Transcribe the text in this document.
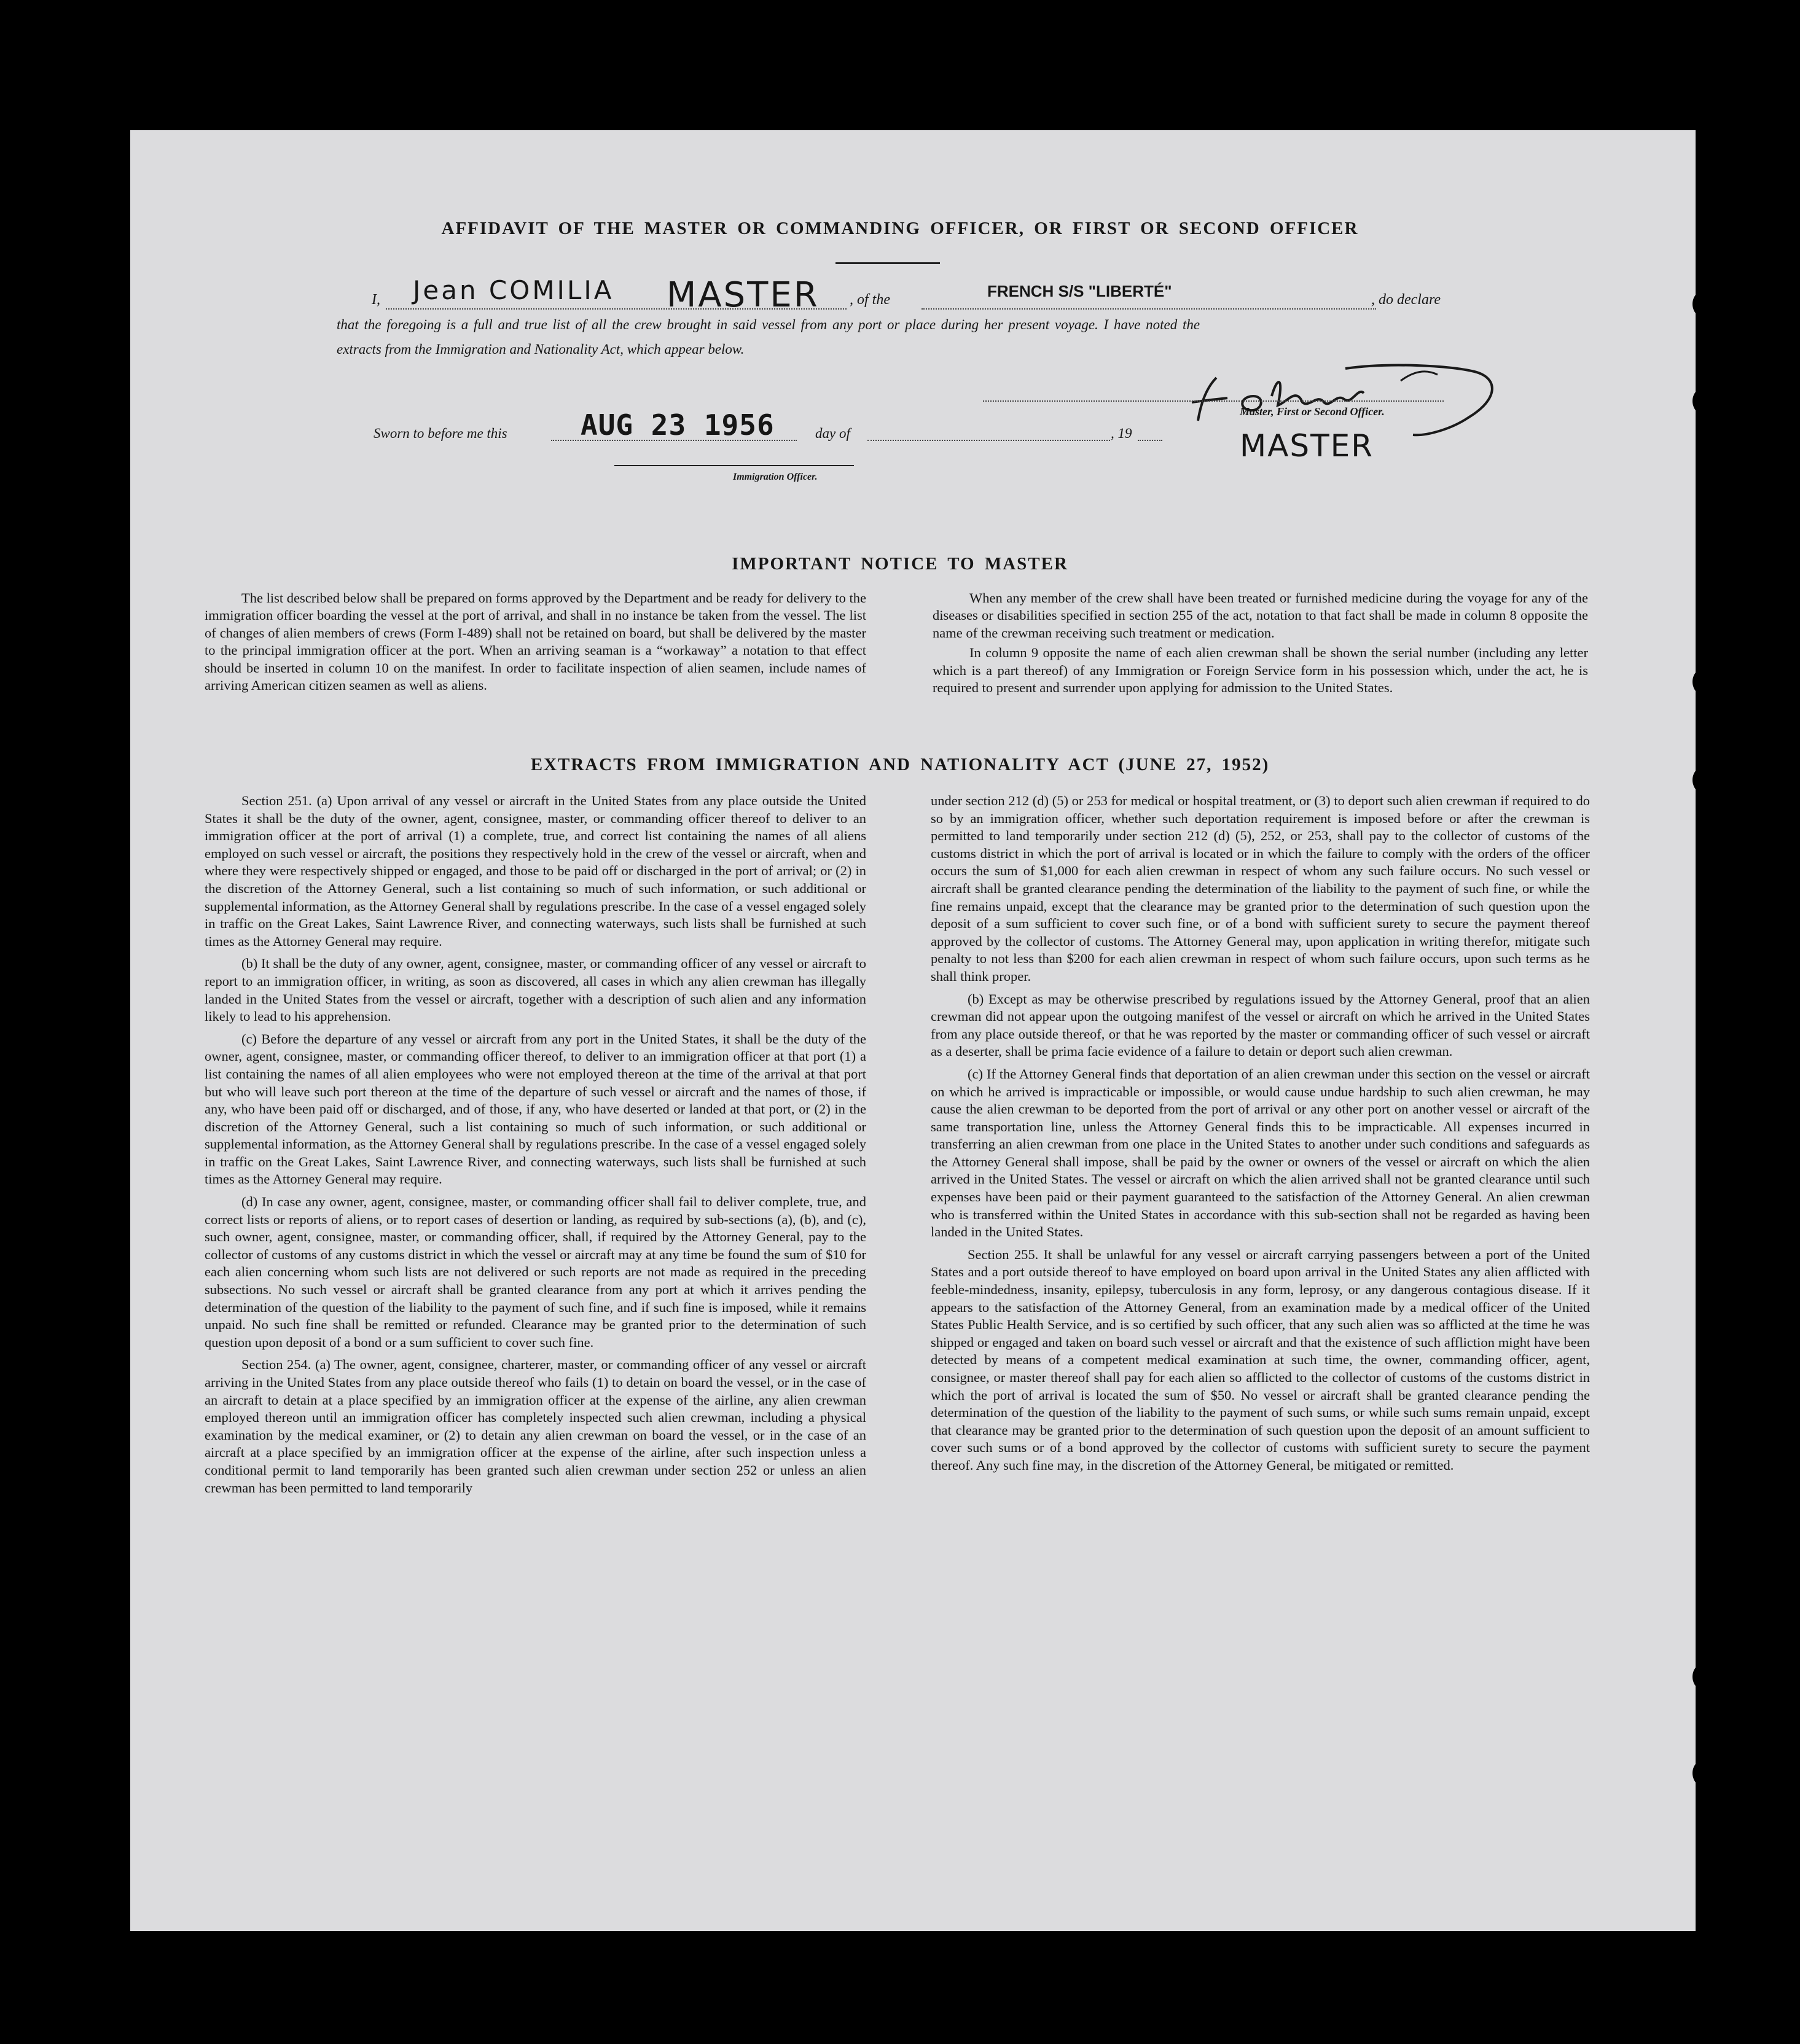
AFFIDAVIT OF THE MASTER OR COMMANDING OFFICER, OR FIRST OR SECOND OFFICER
I, Jean COMILIA MASTER , of the	FRENCH S/S "LIBERTÉ"	, do declare
that the foregoing is a full and true list of all the crew brought in said vessel from any port or place during her present voyage. I have noted the
extracts from the Immigration and Nationality Act, which appear below.
Master, First or Second Officer.
MASTER
Sworn to before me this	AUG 23 1956	day of	, 19
Immigration Officer.
IMPORTANT NOTICE TO MASTER

The list described below shall be prepared on forms approved by the Department and be ready for delivery to the immigration officer boarding the vessel at the port of arrival, and shall in no instance be taken from the vessel. The list of changes of alien members of crews (Form I-489) shall not be retained on board, but shall be delivered by the master to the principal immigration officer at the port. When an arriving seaman is a “workaway” a notation to that effect should be inserted in column 10 on the manifest. In order to facilitate inspection of alien seamen, include names of arriving American citizen seamen as well as aliens.

When any member of the crew shall have been treated or furnished medicine during the voyage for any of the diseases or disabilities specified in section 255 of the act, notation to that fact shall be made in column 8 opposite the name of the crewman receiving such treatment or medication.

In column 9 opposite the name of each alien crewman shall be shown the serial number (including any letter which is a part thereof) of any Immigration or Foreign Service form in his possession which, under the act, he is required to present and surrender upon applying for admission to the United States.

EXTRACTS FROM IMMIGRATION AND NATIONALITY ACT (JUNE 27, 1952)

Section 251. (a) Upon arrival of any vessel or aircraft in the United States from any place outside the United States it shall be the duty of the owner, agent, consignee, master, or commanding officer thereof to deliver to an immigration officer at the port of arrival (1) a complete, true, and correct list containing the names of all aliens employed on such vessel or aircraft, the positions they respectively hold in the crew of the vessel or aircraft, when and where they were respectively shipped or engaged, and those to be paid off or discharged in the port of arrival; or (2) in the discretion of the Attorney General, such a list containing so much of such information, or such additional or supplemental information, as the Attorney General shall by regulations prescribe. In the case of a vessel engaged solely in traffic on the Great Lakes, Saint Lawrence River, and connecting waterways, such lists shall be furnished at such times as the Attorney General may require.

(b) It shall be the duty of any owner, agent, consignee, master, or commanding officer of any vessel or aircraft to report to an immigration officer, in writing, as soon as discovered, all cases in which any alien crewman has illegally landed in the United States from the vessel or aircraft, together with a description of such alien and any information likely to lead to his apprehension.

(c) Before the departure of any vessel or aircraft from any port in the United States, it shall be the duty of the owner, agent, consignee, master, or commanding officer thereof, to deliver to an immigration officer at that port (1) a list containing the names of all alien employees who were not employed thereon at the time of the arrival at that port but who will leave such port thereon at the time of the departure of such vessel or aircraft and the names of those, if any, who have been paid off or discharged, and of those, if any, who have deserted or landed at that port, or (2) in the discretion of the Attorney General, such a list containing so much of such information, or such additional or supplemental information, as the Attorney General shall by regulations prescribe. In the case of a vessel engaged solely in traffic on the Great Lakes, Saint Lawrence River, and connecting waterways, such lists shall be furnished at such times as the Attorney General may require.

(d) In case any owner, agent, consignee, master, or commanding officer shall fail to deliver complete, true, and correct lists or reports of aliens, or to report cases of desertion or landing, as required by sub-sections (a), (b), and (c), such owner, agent, consignee, master, or commanding officer, shall, if required by the Attorney General, pay to the collector of customs of any customs district in which the vessel or aircraft may at any time be found the sum of $10 for each alien concerning whom such lists are not delivered or such reports are not made as required in the preceding subsections. No such vessel or aircraft shall be granted clearance from any port at which it arrives pending the determination of the question of the liability to the payment of such fine, and if such fine is imposed, while it remains unpaid. No such fine shall be remitted or refunded. Clearance may be granted prior to the determination of such question upon deposit of a bond or a sum sufficient to cover such fine.

Section 254. (a) The owner, agent, consignee, charterer, master, or commanding officer of any vessel or aircraft arriving in the United States from any place outside thereof who fails (1) to detain on board the vessel, or in the case of an aircraft to detain at a place specified by an immigration officer at the expense of the airline, any alien crewman employed thereon until an immigration officer has completely inspected such alien crewman, including a physical examination by the medical examiner, or (2) to detain any alien crewman on board the vessel, or in the case of an aircraft at a place specified by an immigration officer at the expense of the airline, after such inspection unless a conditional permit to land temporarily has been granted such alien crewman under section 252 or unless an alien crewman has been permitted to land temporarily

under section 212 (d) (5) or 253 for medical or hospital treatment, or (3) to deport such alien crewman if required to do so by an immigration officer, whether such deportation requirement is imposed before or after the crewman is permitted to land temporarily under section 212 (d) (5), 252, or 253, shall pay to the collector of customs of the customs district in which the port of arrival is located or in which the failure to comply with the orders of the officer occurs the sum of $1,000 for each alien crewman in respect of whom any such failure occurs. No such vessel or aircraft shall be granted clearance pending the determination of the liability to the payment of such fine, or while the fine remains unpaid, except that the clearance may be granted prior to the determination of such question upon the deposit of a sum sufficient to cover such fine, or of a bond with sufficient surety to secure the payment thereof approved by the collector of customs. The Attorney General may, upon application in writing therefor, mitigate such penalty to not less than $200 for each alien crewman in respect of whom such failure occurs, upon such terms as he shall think proper.

(b) Except as may be otherwise prescribed by regulations issued by the Attorney General, proof that an alien crewman did not appear upon the outgoing manifest of the vessel or aircraft on which he arrived in the United States from any place outside thereof, or that he was reported by the master or commanding officer of such vessel or aircraft as a deserter, shall be prima facie evidence of a failure to detain or deport such alien crewman.

(c) If the Attorney General finds that deportation of an alien crewman under this section on the vessel or aircraft on which he arrived is impracticable or impossible, or would cause undue hardship to such alien crewman, he may cause the alien crewman to be deported from the port of arrival or any other port on another vessel or aircraft of the same transportation line, unless the Attorney General finds this to be impracticable. All expenses incurred in transferring an alien crewman from one place in the United States to another under such conditions and safeguards as the Attorney General shall impose, shall be paid by the owner or owners of the vessel or aircraft on which the alien arrived in the United States. The vessel or aircraft on which the alien arrived shall not be granted clearance until such expenses have been paid or their payment guaranteed to the satisfaction of the Attorney General. An alien crewman who is transferred within the United States in accordance with this sub-section shall not be regarded as having been landed in the United States.

Section 255. It shall be unlawful for any vessel or aircraft carrying passengers between a port of the United States and a port outside thereof to have employed on board upon arrival in the United States any alien afflicted with feeble-mindedness, insanity, epilepsy, tuberculosis in any form, leprosy, or any dangerous contagious disease. If it appears to the satisfaction of the Attorney General, from an examination made by a medical officer of the United States Public Health Service, and is so certified by such officer, that any such alien was so afflicted at the time he was shipped or engaged and taken on board such vessel or aircraft and that the existence of such affliction might have been detected by means of a competent medical examination at such time, the owner, commanding officer, agent, consignee, or master thereof shall pay for each alien so afflicted to the collector of customs of the customs district in which the port of arrival is located the sum of $50. No vessel or aircraft shall be granted clearance pending the determination of the question of the liability to the payment of such sums, or while such sums remain unpaid, except that clearance may be granted prior to the determination of such question upon the deposit of an amount sufficient to cover such sums or of a bond approved by the collector of customs with sufficient surety to secure the payment thereof. Any such fine may, in the discretion of the Attorney General, be mitigated or remitted.
